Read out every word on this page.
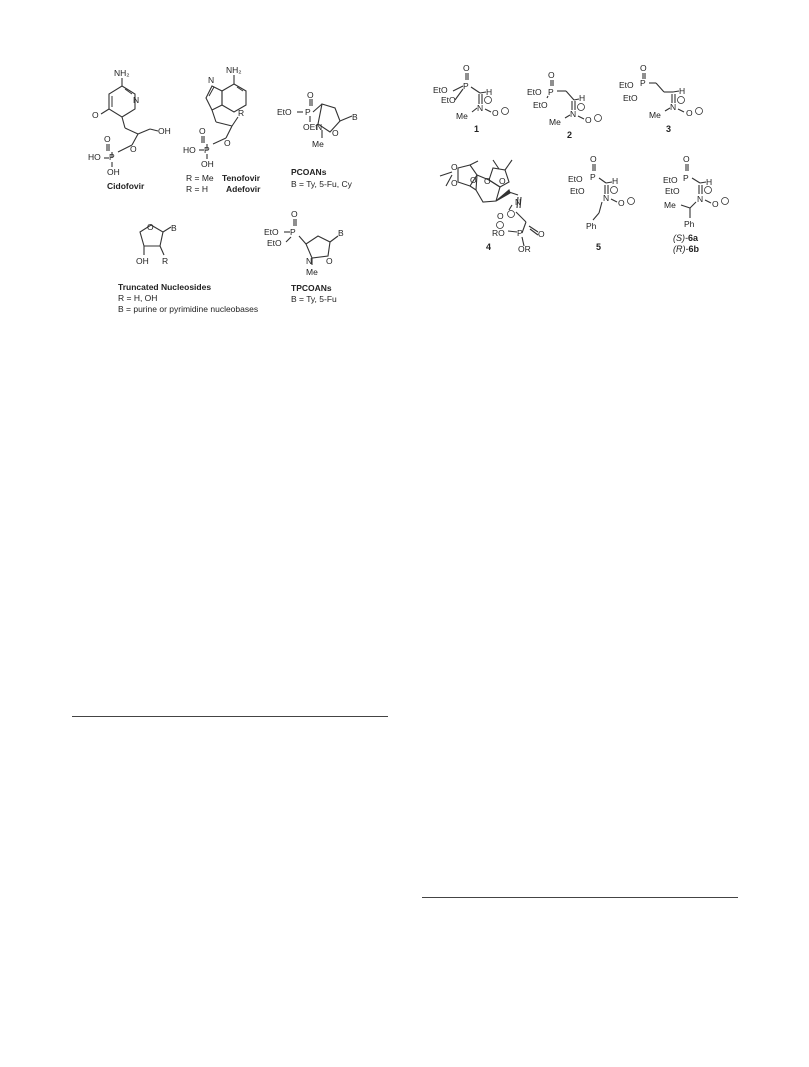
NH₂
N
O
OH
O
O
HO P
OH
Cidofovir
NH₂
N
R
O
O
HO P
OH
R = Me Tenofovir
R = H Adefovir
EtO P
O
OEt
B
N
O
Me
PCOANs
B = Ty, 5-Fu, Cy
O B
OH R
Truncated Nucleosides
R = H, OH
B = purine or pyrimidine nucleobases
EtO P
O
EtO
B
N O
Me
TPCOANs
B = Ty, 5-Fu
O
EtO P
EtO
H
N
Me	O
1
O
EtO P
EtO
H
N
Me	O
2
O
EtO P
EtO
H
N
Me	O
3
O
O	O O
O
N
RO P O
OR
O
4
O
EtO P
EtO
H
N O
Ph
5
O
EtO P
EtO
H
N O
Me
Ph
(S)-6a
(R)-6b
